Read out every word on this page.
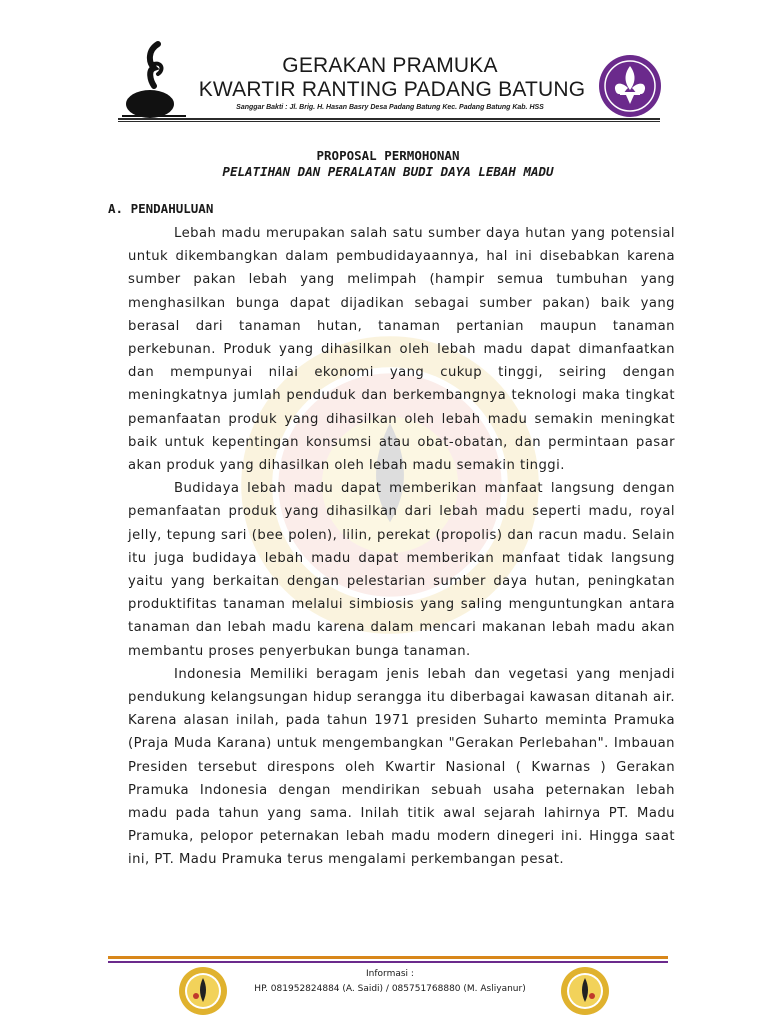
GERAKAN PRAMUKA
KWARTIR RANTING PADANG BATUNG
Sanggar Bakti : Jl. Brig. H. Hasan Basry Desa Padang Batung Kec. Padang Batung Kab. HSS
PROPOSAL PERMOHONAN
PELATIHAN DAN PERALATAN BUDI DAYA LEBAH MADU
A. PENDAHULUAN

Lebah madu merupakan salah satu sumber daya hutan yang potensial untuk dikembangkan dalam pembudidayaannya, hal ini disebabkan karena sumber pakan lebah yang melimpah (hampir semua tumbuhan yang menghasilkan bunga dapat dijadikan sebagai sumber pakan) baik yang berasal dari tanaman hutan, tanaman pertanian maupun tanaman perkebunan. Produk yang dihasilkan oleh lebah madu dapat dimanfaatkan dan mempunyai nilai ekonomi yang cukup tinggi, seiring dengan meningkatnya jumlah penduduk dan berkembangnya teknologi maka tingkat pemanfaatan produk yang dihasilkan oleh lebah madu semakin meningkat baik untuk kepentingan konsumsi atau obat-obatan, dan permintaan pasar akan produk yang dihasilkan oleh lebah madu semakin tinggi.

Budidaya lebah madu dapat memberikan manfaat langsung dengan pemanfaatan produk yang dihasilkan dari lebah madu seperti madu, royal jelly, tepung sari (bee polen), lilin, perekat (propolis) dan racun madu. Selain itu juga budidaya lebah madu dapat memberikan manfaat tidak langsung yaitu yang berkaitan dengan pelestarian sumber daya hutan, peningkatan produktifitas tanaman melalui simbiosis yang saling menguntungkan antara tanaman dan lebah madu karena dalam mencari makanan lebah madu akan membantu proses penyerbukan bunga tanaman.

Indonesia Memiliki beragam jenis lebah dan vegetasi yang menjadi pendukung kelangsungan hidup serangga itu diberbagai kawasan ditanah air. Karena alasan inilah, pada tahun 1971 presiden Suharto meminta Pramuka (Praja Muda Karana) untuk mengembangkan "Gerakan Perlebahan". Imbauan Presiden tersebut direspons oleh Kwartir Nasional ( Kwarnas ) Gerakan Pramuka Indonesia dengan mendirikan sebuah usaha peternakan lebah madu pada tahun yang sama. Inilah titik awal sejarah lahirnya PT. Madu Pramuka, pelopor peternakan lebah madu modern dinegeri ini. Hingga saat ini, PT. Madu Pramuka terus mengalami perkembangan pesat.

Informasi :
HP. 081952824884 (A. Saidi) / 085751768880 (M. Asliyanur)
